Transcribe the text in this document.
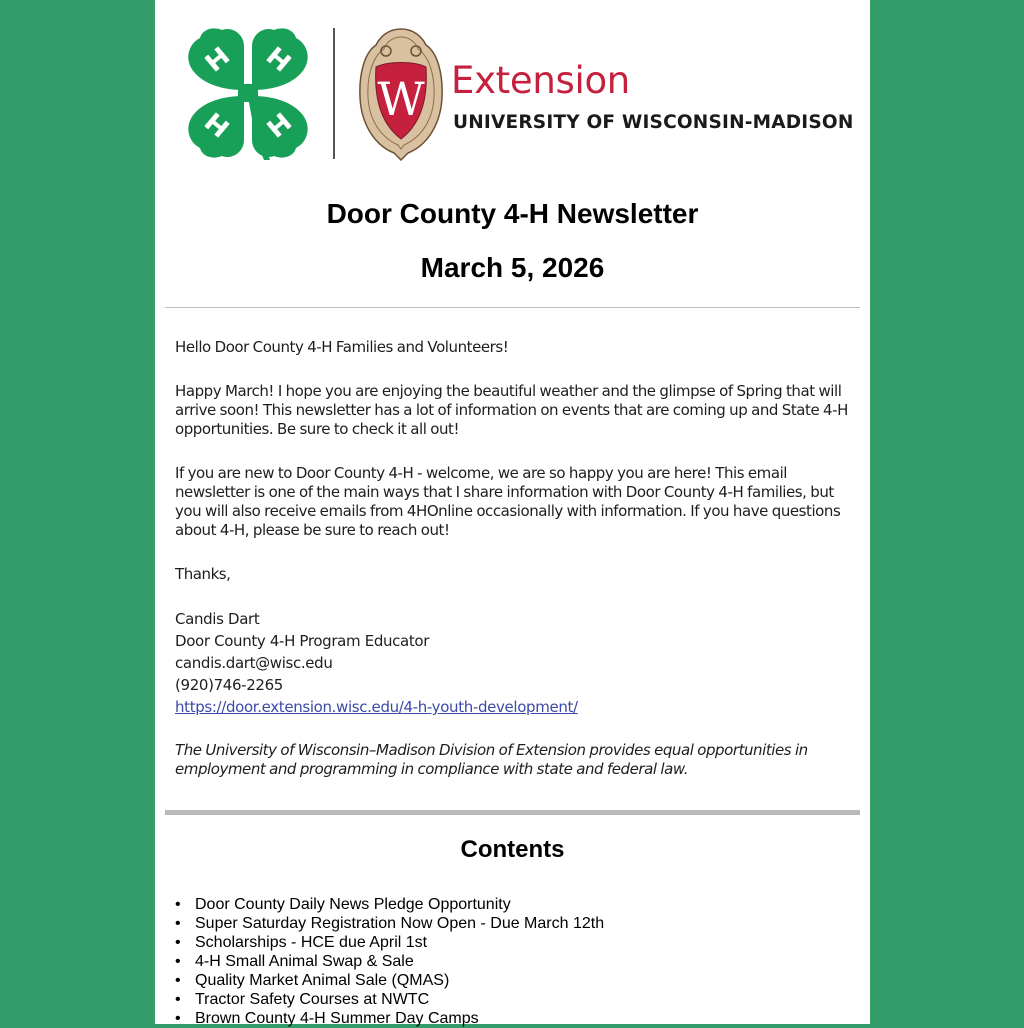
W Extension
UNIVERSITY OF WISCONSIN-MADISON
Door County 4-H Newsletter
March 5, 2026

Hello Door County 4-H Families and Volunteers!

Happy March! I hope you are enjoying the beautiful weather and the glimpse of Spring that will arrive soon! This newsletter has a lot of information on events that are coming up and State 4-H opportunities. Be sure to check it all out!

If you are new to Door County 4-H - welcome, we are so happy you are here! This email newsletter is one of the main ways that I share information with Door County 4-H families, but you will also receive emails from 4HOnline occasionally with information. If you have questions about 4-H, please be sure to reach out!

Thanks,

Candis Dart
Door County 4-H Program Educator
candis.dart@wisc.edu
(920)746-2265
https://door.extension.wisc.edu/4-h-youth-development/

The University of Wisconsin–Madison Division of Extension provides equal opportunities in employment and programming in compliance with state and federal law.

Contents
• Door County Daily News Pledge Opportunity
• Super Saturday Registration Now Open - Due March 12th
• Scholarships - HCE due April 1st
• 4-H Small Animal Swap & Sale
• Quality Market Animal Sale (QMAS)
• Tractor Safety Courses at NWTC
• Brown County 4-H Summer Day Camps
